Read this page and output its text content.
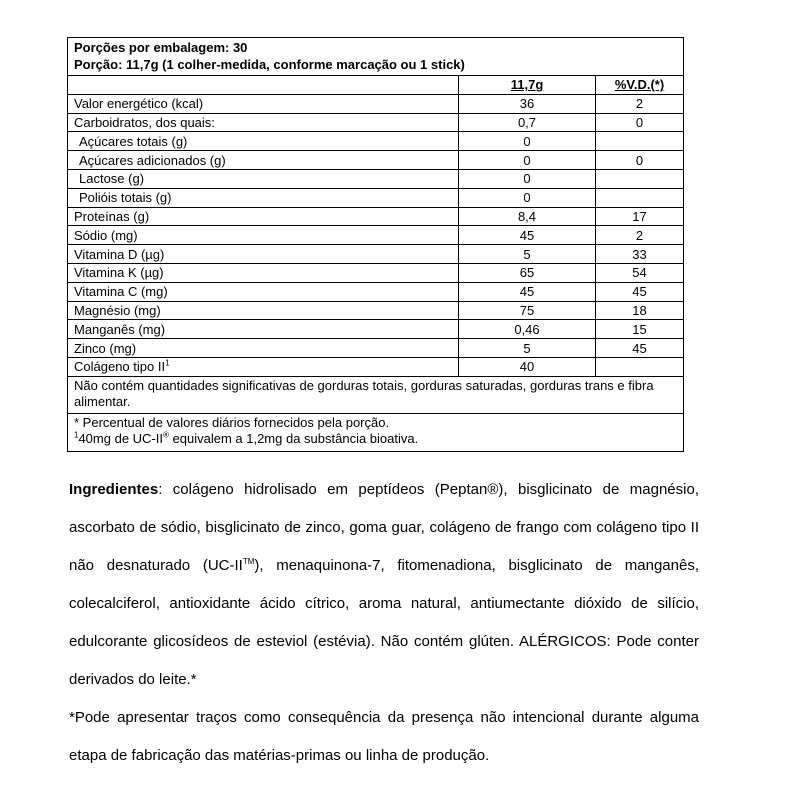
Porções por embalagem: 30
Porção: 11,7g (1 colher-medida, conforme marcação ou 1 stick)
	11,7g	%V.D.(*)
Valor energético (kcal)	36	2
Carboidratos, dos quais:	0,7	0
Açúcares totais (g)	0	
Açúcares adicionados (g)	0	0
Lactose (g)	0	
Polióis totais (g)	0	
Proteínas (g)	8,4	17
Sódio (mg)	45	2
Vitamina D (µg)	5	33
Vitamina K (µg)	65	54
Vitamina C (mg)	45	45
Magnésio (mg)	75	18
Manganês (mg)	0,46	15
Zinco (mg)	5	45
Colágeno tipo $II^1$	40	
Não contém quantidades significativas de gorduras totais, gorduras saturadas, gorduras trans e fibra alimentar.
* Percentual de valores diários fornecidos pela porção.
$^1$40mg de UC-II® equivalem a 1,2mg da substância bioativa.

Ingredientes: colágeno hidrolisado em peptídeos (Peptan®), bisglicinato de magnésio, ascorbato de sódio, bisglicinato de zinco, goma guar, colágeno de frango com colágeno tipo II não desnaturado (UC-II™), menaquinona-7, fitomenadiona, bisglicinato de manganês, colecalciferol, antioxidante ácido cítrico, aroma natural, antiumectante dióxido de silício, edulcorante glicosídeos de esteviol (estévia). Não contém glúten. ALÉRGICOS: Pode conter derivados do leite.*

*Pode apresentar traços como consequência da presença não intencional durante alguma etapa de fabricação das matérias-primas ou linha de produção.
